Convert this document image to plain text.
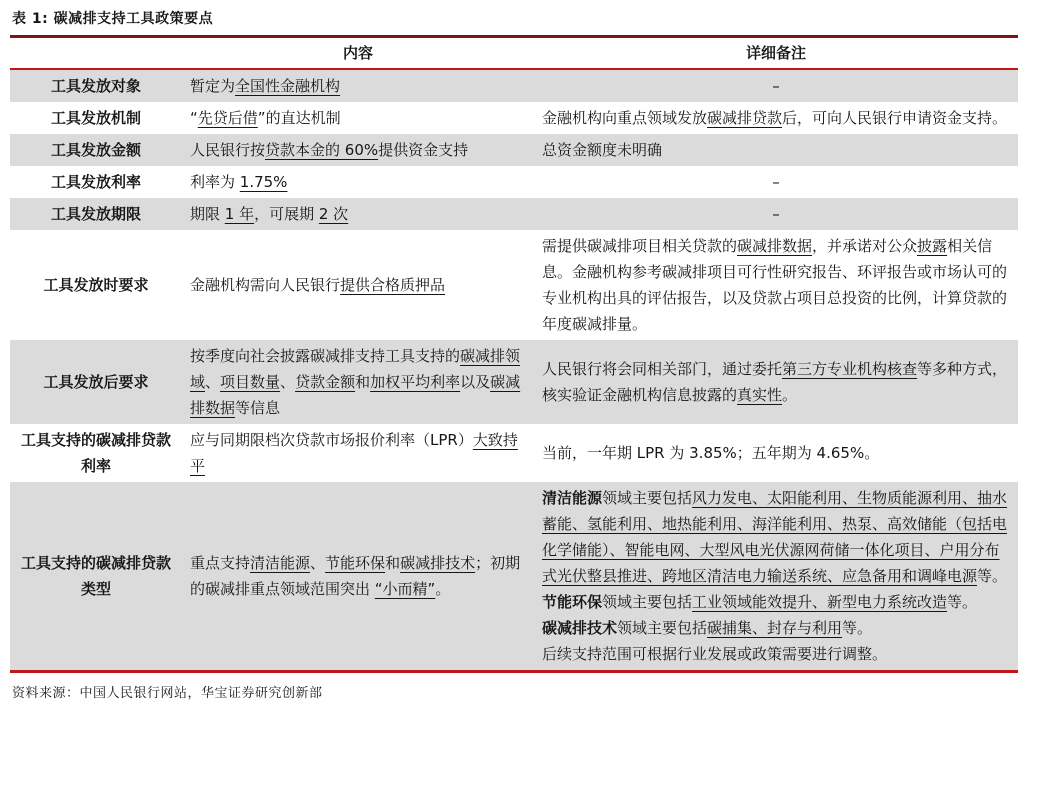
表 1: 碳减排支持工具政策要点
	内容	详细备注
工具发放对象	暂定为全国性金融机构	–

工具发放机制	“先贷后借”的直达机制	金融机构向重点领域发放碳减排贷款后，可向人民银行申请资金支持。

工具发放金额	人民银行按贷款本金的 60%提供资金支持	总资金额度未明确

工具发放利率	利率为 1.75%	–

工具发放期限	期限 1 年，可展期 2 次	–

工具发放时要求	金融机构需向人民银行提供合格质押品	需提供碳减排项目相关贷款的碳减排数据，并承诺对公众披露相关信息。金融机构参考碳减排项目可行性研究报告、环评报告或市场认可的专业机构出具的评估报告，以及贷款占项目总投资的比例，计算贷款的年度碳减排量。

工具发放后要求	按季度向社会披露碳减排支持工具支持的碳减排领域、项目数量、贷款金额和加权平均利率以及碳减排数据等信息	人民银行将会同相关部门，通过委托第三方专业机构核查等多种方式，核实验证金融机构信息披露的真实性。

工具支持的碳减排贷款利率	应与同期限档次贷款市场报价利率（LPR）大致持平	当前，一年期 LPR 为 3.85%；五年期为 4.65%。

工具支持的碳减排贷款类型	重点支持清洁能源、节能环保和碳减排技术；初期的碳减排重点领域范围突出 “小而精”。	清洁能源领域主要包括风力发电、太阳能利用、生物质能源利用、抽水蓄能、氢能利用、地热能利用、海洋能利用、热泵、高效储能（包括电化学储能）、智能电网、大型风电光伏源网荷储一体化项目、户用分布式光伏整县推进、跨地区清洁电力输送系统、应急备用和调峰电源等。

节能环保领域主要包括工业领域能效提升、新型电力系统改造等。

碳减排技术领域主要包括碳捕集、封存与利用等。

后续支持范围可根据行业发展或政策需要进行调整。

资料来源：中国人民银行网站，华宝证券研究创新部
